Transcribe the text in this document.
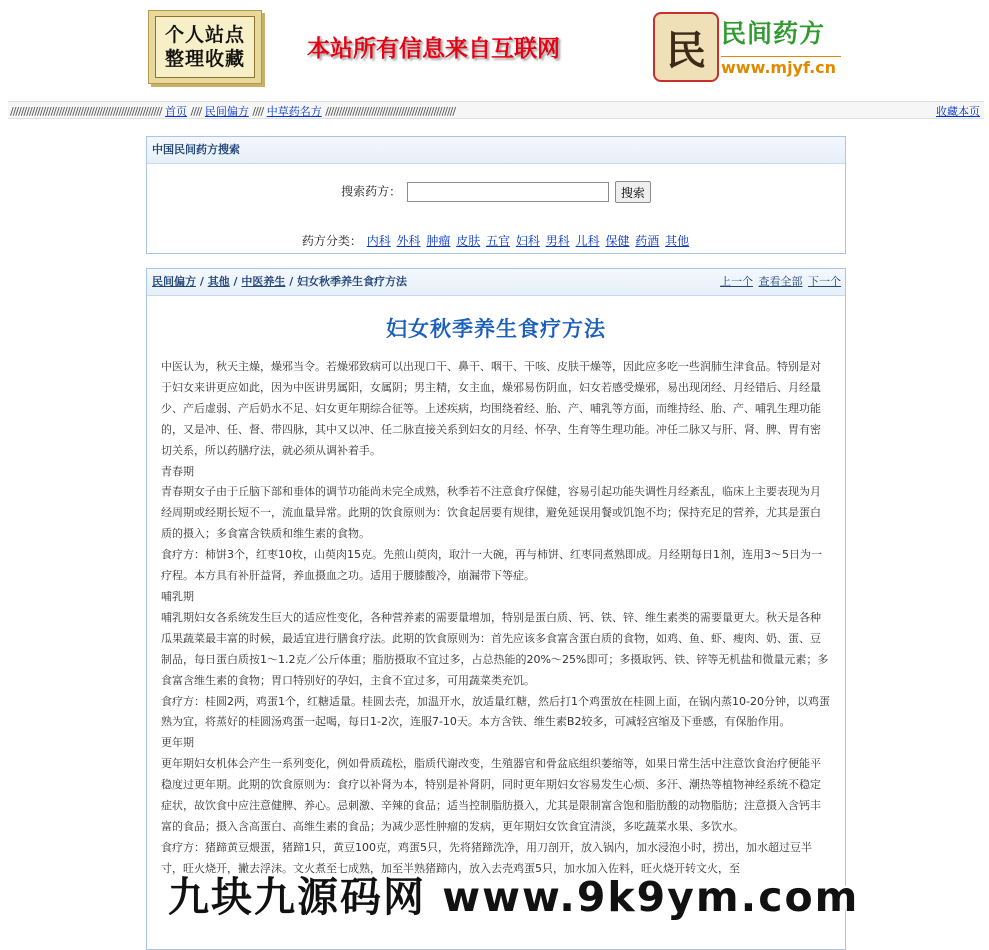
个人站点
整理收藏	本站所有信息来自互联网	民 民间药方
www.mjyf.cn
//////////////////////////////////////////////////////// 首页 //// 民间偏方 //// 中草药名方 ////////////////////////////////////////////////	收藏本页
中国民间药方搜索
搜索药方：	搜索
药方分类： 内科 外科 肿瘤 皮肤 五官 妇科 男科 儿科 保健 药酒 其他
民间偏方 / 其他 / 中医养生 / 妇女秋季养生食疗方法	上一个 查看全部 下一个
妇女秋季养生食疗方法

中医认为，秋天主燥，燥邪当令。若燥邪致病可以出现口干、鼻干、咽干、干咳、皮肤干燥等，因此应多吃一些润肺生津食品。特别是对于妇女来讲更应如此，因为中医讲男属阳，女属阴；男主精，女主血，燥邪易伤阴血，妇女若感受燥邪，易出现闭经、月经错后、月经量少、产后虚弱、产后奶水不足、妇女更年期综合征等。上述疾病，均围绕着经、胎、产、哺乳等方面，而维持经、胎、产、哺乳生理功能的，又是冲、任、督、带四脉，其中又以冲、任二脉直接关系到妇女的月经、怀孕、生育等生理功能。冲任二脉又与肝、肾、脾、胃有密切关系，所以药膳疗法，就必须从调补着手。

青春期

青春期女子由于丘脑下部和垂体的调节功能尚未完全成熟，秋季若不注意食疗保健，容易引起功能失调性月经紊乱，临床上主要表现为月经周期或经期长短不一，流血量异常。此期的饮食原则为：饮食起居要有规律，避免延误用餐或饥饱不均；保持充足的营养，尤其是蛋白质的摄入；多食富含铁质和维生素的食物。

食疗方：柿饼3个，红枣10枚，山萸肉15克。先煎山萸肉，取汁一大碗，再与柿饼、红枣同煮熟即成。月经期每日1剂，连用3～5日为一疗程。本方具有补肝益肾，养血摄血之功。适用于腰膝酸冷，崩漏带下等症。

哺乳期

哺乳期妇女各系统发生巨大的适应性变化，各种营养素的需要量增加，特别是蛋白质、钙、铁、锌、维生素类的需要量更大。秋天是各种瓜果蔬菜最丰富的时候，最适宜进行膳食疗法。此期的饮食原则为：首先应该多食富含蛋白质的食物，如鸡、鱼、虾、瘦肉、奶、蛋、豆制品，每日蛋白质按1～1.2克／公斤体重；脂肪摄取不宜过多，占总热能的20%～25%即可；多摄取钙、铁、锌等无机盐和微量元素；多食富含维生素的食物；胃口特别好的孕妇，主食不宜过多，可用蔬菜类充饥。

食疗方：桂圆2两，鸡蛋1个，红糖适量。桂圆去壳，加温开水，放适量红糖，然后打1个鸡蛋放在桂圆上面，在锅内蒸10-20分钟，以鸡蛋熟为宜，将蒸好的桂圆汤鸡蛋一起喝，每日1-2次，连服7-10天。本方含铁、维生素B2较多，可减轻宫缩及下垂感，有保胎作用。

更年期

更年期妇女机体会产生一系列变化，例如骨质疏松，脂质代谢改变，生殖器官和骨盆底组织萎缩等，如果日常生活中注意饮食治疗便能平稳度过更年期。此期的饮食原则为：食疗以补肾为本，特别是补肾阴，同时更年期妇女容易发生心烦、多汗、潮热等植物神经系统不稳定症状，故饮食中应注意健脾、养心。忌刺激、辛辣的食品；适当控制脂肪摄入，尤其是限制富含饱和脂肪酸的动物脂肪；注意摄入含钙丰富的食品；摄入含高蛋白、高维生素的食品；为减少恶性肿瘤的发病，更年期妇女饮食宜清淡，多吃蔬菜水果、多饮水。

食疗方：猪蹄黄豆煨蛋，猪蹄1只，黄豆100克，鸡蛋5只，先将猪蹄洗净，用刀剖开，放入锅内，加水浸泡小时，捞出，加水超过豆半寸，旺火烧开，撇去浮沫。文火煮至七成熟，加至半熟猪蹄内，放入去壳鸡蛋5只，加水加入佐料，旺火烧开转文火，至

九块九源码网 www.9k9ym.com
